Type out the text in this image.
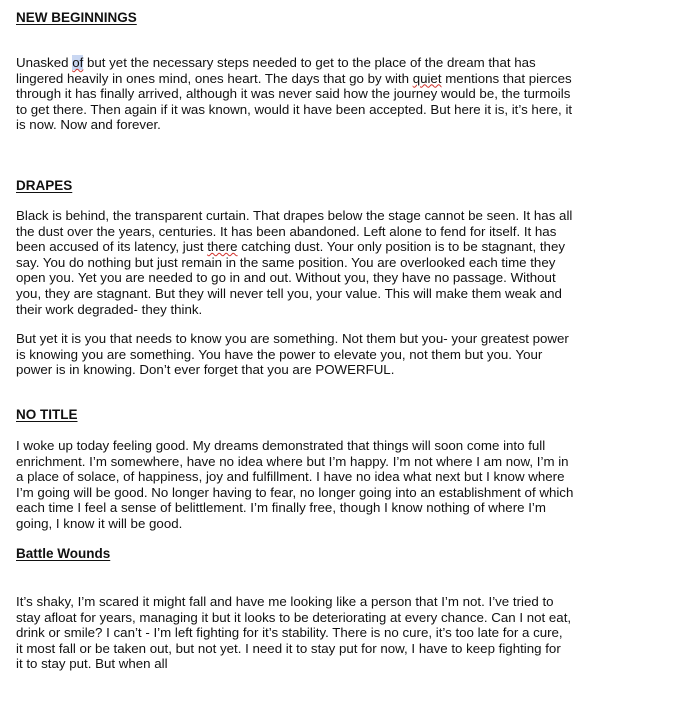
NEW BEGINNINGS
Unasked of but yet the necessary steps needed to get to the place of the dream that has
lingered heavily in ones mind, ones heart. The days that go by with quiet mentions that pierces
through it has finally arrived, although it was never said how the journey would be, the turmoils
to get there. Then again if it was known, would it have been accepted. But here it is, it’s here, it
is now. Now and forever.
DRAPES
Black is behind, the transparent curtain. That drapes below the stage cannot be seen. It has all
the dust over the years, centuries. It has been abandoned. Left alone to fend for itself. It has
been accused of its latency, just there catching dust. Your only position is to be stagnant, they
say. You do nothing but just remain in the same position. You are overlooked each time they
open you. Yet you are needed to go in and out. Without you, they have no passage. Without
you, they are stagnant. But they will never tell you, your value. This will make them weak and
their work degraded- they think.
But yet it is you that needs to know you are something. Not them but you- your greatest power
is knowing you are something. You have the power to elevate you, not them but you. Your
power is in knowing. Don’t ever forget that you are POWERFUL.
NO TITLE
I woke up today feeling good. My dreams demonstrated that things will soon come into full
enrichment. I’m somewhere, have no idea where but I’m happy. I’m not where I am now, I’m in
a place of solace, of happiness, joy and fulfillment. I have no idea what next but I know where
I’m going will be good. No longer having to fear, no longer going into an establishment of which
each time I feel a sense of belittlement. I’m finally free, though I know nothing of where I’m
going, I know it will be good.
Battle Wounds
It’s shaky, I’m scared it might fall and have me looking like a person that I’m not. I’ve tried to
stay afloat for years, managing it but it looks to be deteriorating at every chance. Can I not eat,
drink or smile? I can’t - I’m left fighting for it’s stability. There is no cure, it’s too late for a cure,
it most fall or be taken out, but not yet. I need it to stay put for now, I have to keep fighting for
it to stay put. But when all
